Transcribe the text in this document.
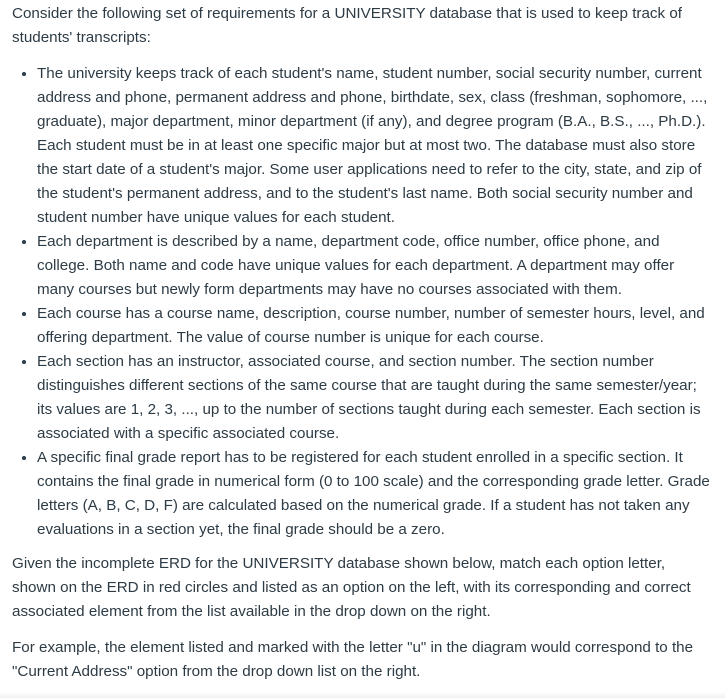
Consider the following set of requirements for a UNIVERSITY database that is used to keep track of students' transcripts:

• The university keeps track of each student's name, student number, social security number, current address and phone, permanent address and phone, birthdate, sex, class (freshman, sophomore, ..., graduate), major department, minor department (if any), and degree program (B.A., B.S., ..., Ph.D.). Each student must be in at least one specific major but at most two. The database must also store the start date of a student's major. Some user applications need to refer to the city, state, and zip of the student's permanent address, and to the student's last name. Both social security number and student number have unique values for each student.
• Each department is described by a name, department code, office number, office phone, and college. Both name and code have unique values for each department. A department may offer many courses but newly form departments may have no courses associated with them.
• Each course has a course name, description, course number, number of semester hours, level, and offering department. The value of course number is unique for each course.
• Each section has an instructor, associated course, and section number. The section number distinguishes different sections of the same course that are taught during the same semester/year; its values are 1, 2, 3, ..., up to the number of sections taught during each semester. Each section is associated with a specific associated course.
• A specific final grade report has to be registered for each student enrolled in a specific section. It contains the final grade in numerical form (0 to 100 scale) and the corresponding grade letter. Grade letters (A, B, C, D, F) are calculated based on the numerical grade. If a student has not taken any evaluations in a section yet, the final grade should be a zero.

Given the incomplete ERD for the UNIVERSITY database shown below, match each option letter, shown on the ERD in red circles and listed as an option on the left, with its corresponding and correct associated element from the list available in the drop down on the right.

For example, the element listed and marked with the letter "u" in the diagram would correspond to the "Current Address" option from the drop down list on the right.
